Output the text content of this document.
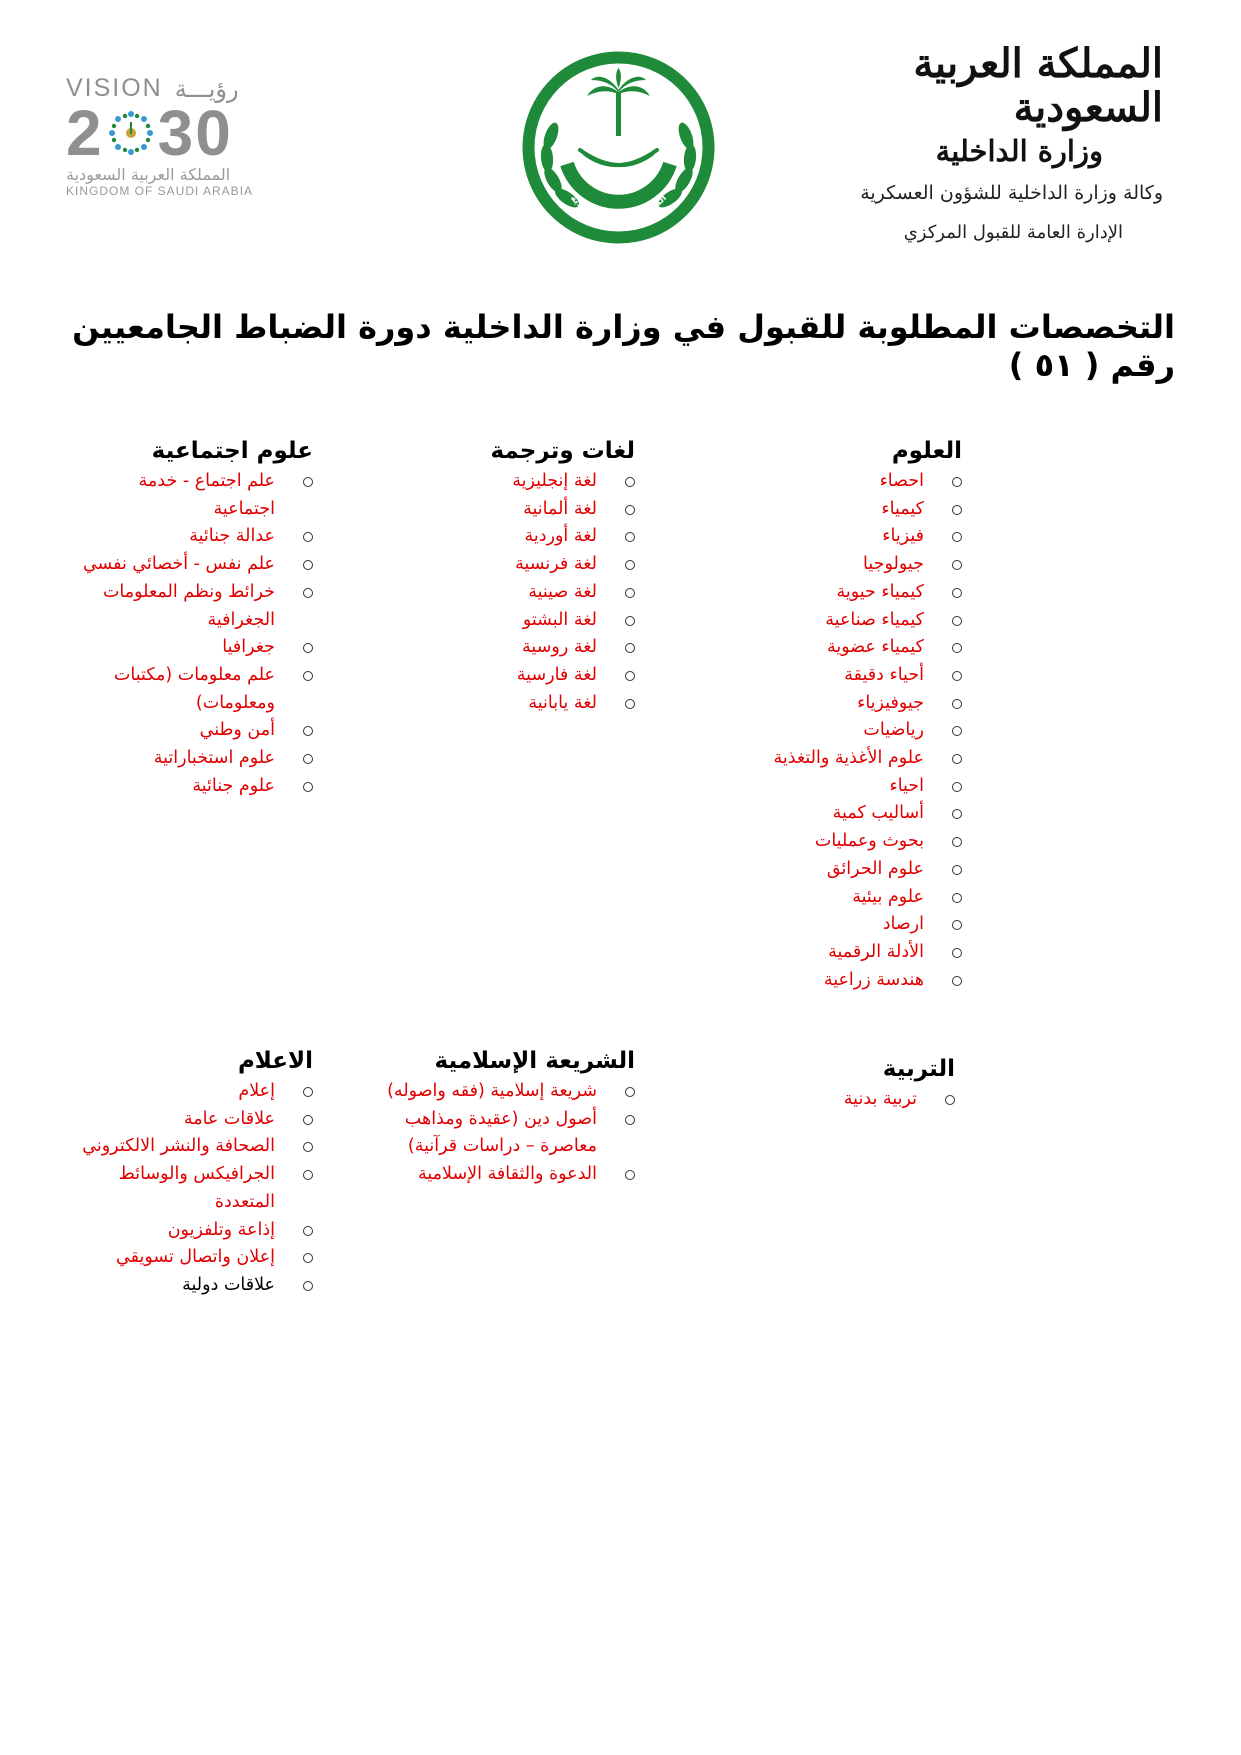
المملكة العربية السعودية
وزارة الداخلية
وكالة وزارة الداخلية للشؤون العسكرية
الإدارة العامة للقبول المركزي
المملكة العربية السعودية
VISION رؤيـــة
2 30
المملكة العربية السعودية
KINGDOM OF SAUDI ARABIA
التخصصات المطلوبة للقبول في وزارة الداخلية دورة الضباط الجامعيين رقم ( ٥١ )
العلوم
احصاء
كيمياء
فيزياء
جيولوجيا
كيمياء حيوية
كيمياء صناعية
كيمياء عضوية
أحياء دقيقة
جيوفيزياء
رياضيات
علوم الأغذية والتغذية
احياء
أساليب كمية
بحوث وعمليات
علوم الحرائق
علوم بيئية
ارصاد
الأدلة الرقمية
هندسة زراعية
لغات وترجمة
لغة إنجليزية
لغة ألمانية
لغة أوردية
لغة فرنسية
لغة صينية
لغة البشتو
لغة روسية
لغة فارسية
لغة يابانية
علوم اجتماعية
علم اجتماع - خدمة اجتماعية
عدالة جنائية
علم نفس - أخصائي نفسي
خرائط ونظم المعلومات الجغرافية
جغرافيا
علم معلومات (مكتبات ومعلومات)
أمن وطني
علوم استخباراتية
علوم جنائية
التربية
تربية بدنية
الشريعة الإسلامية
شريعة إسلامية (فقه واصوله)
أصول دين (عقيدة ومذاهب معاصرة – دراسات قرآنية)
الدعوة والثقافة الإسلامية
الاعلام
إعلام
علاقات عامة
الصحافة والنشر الالكتروني
الجرافيكس والوسائط المتعددة
إذاعة وتلفزيون
إعلان واتصال تسويقي
علاقات دولية
